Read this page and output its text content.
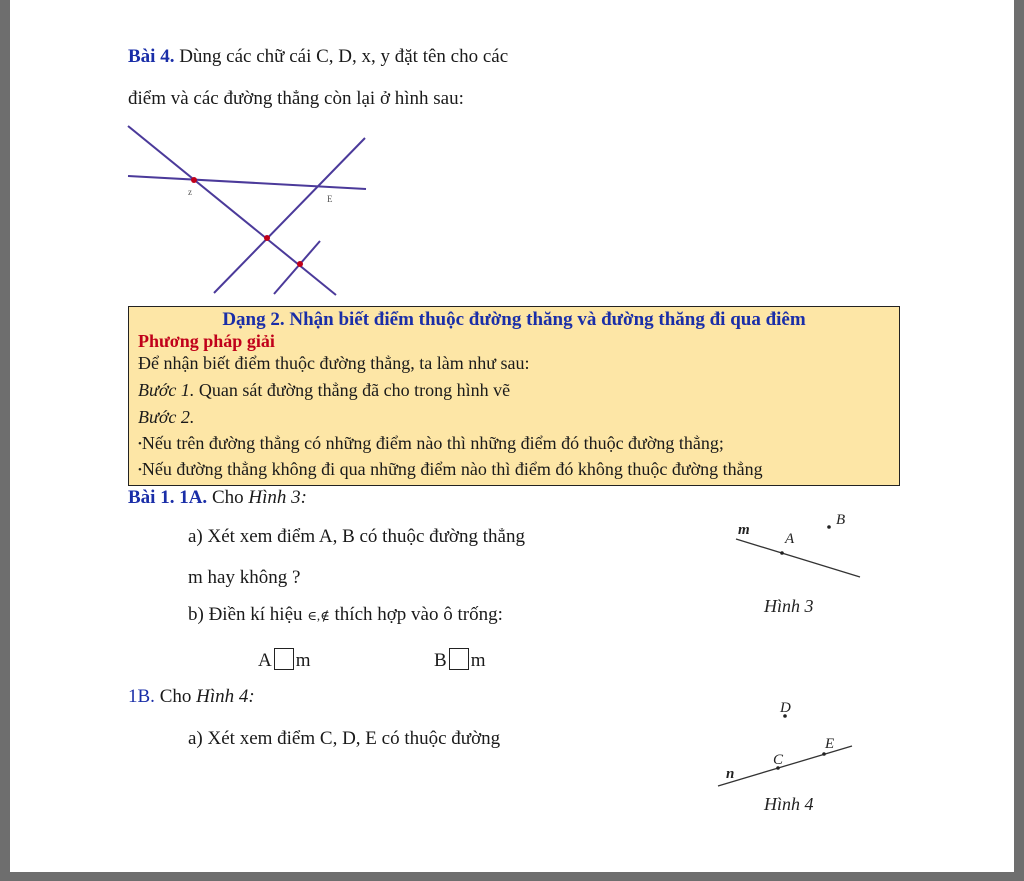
Bài 4. Dùng các chữ cái C, D, x, y đặt tên cho các
điểm và các đường thẳng còn lại ở hình sau:
z
E
Dạng 2. Nhận biết điểm thuộc đường thăng và đường thăng đi qua điêm
Phương pháp giải
Để nhận biết điểm thuộc đường thẳng, ta làm như sau:
Bước 1. Quan sát đường thẳng đã cho trong hình vẽ
Bước 2.
•Nếu trên đường thẳng có những điểm nào thì những điểm đó thuộc đường thẳng;
•Nếu đường thẳng không đi qua những điểm nào thì điểm đó không thuộc đường thẳng
Bài 1. 1A. Cho Hình 3:
a) Xét xem điểm A, B có thuộc đường thẳng
m hay không ?
b) Điền kí hiệu ∈,∉ thích hợp vào ô trống:
A m	B m
m
A
B
Hình 3
1B. Cho Hình 4:
a) Xét xem điểm C, D, E có thuộc đường
D
C
E
n
Hình 4
